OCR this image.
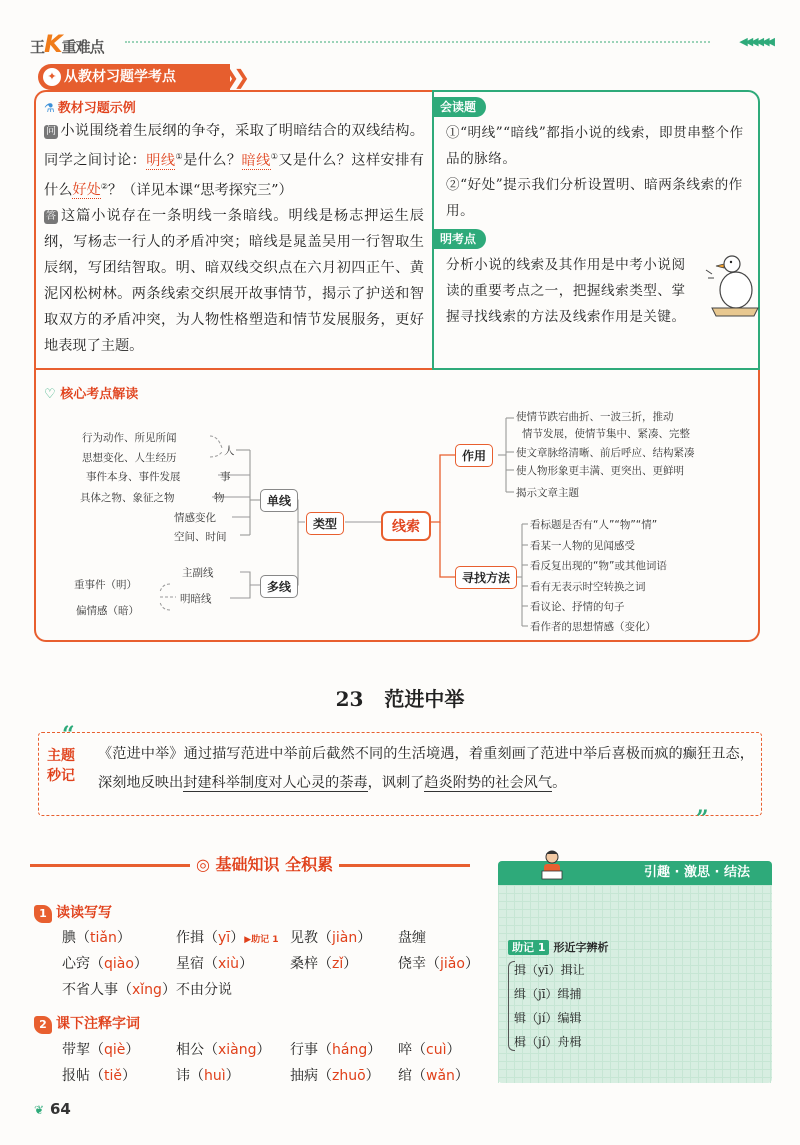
王K重难点	◀◀◀◀◀◀
✦ 从教材习题学考点 ❯❯
⚗ 教材习题示例
问 小说围绕着生辰纲的争夺，采取了明暗结合的双线结构。同学之间讨论：明线①是什么？暗线①又是什么？这样安排有什么好处②？（详见本课“思考探究三”）
答 这篇小说存在一条明线一条暗线。明线是杨志押运生辰纲，写杨志一行人的矛盾冲突；暗线是晁盖吴用一行智取生辰纲，写团结智取。明、暗双线交织点在六月初四正午、黄泥冈松树林。两条线索交织展开故事情节，揭示了护送和智取双方的矛盾冲突，为人物性格塑造和情节发展服务，更好地表现了主题。
会读题
①“明线”“暗线”都指小说的线索，即贯串整个作品的脉络。
②“好处”提示我们分析设置明、暗两条线索的作用。
明考点
分析小说的线索及其作用是中考小说阅读的重要考点之一，把握线索类型、掌握寻找线索的方法及线索作用是关键。
♡ 核心考点解读
线索
类型
单线
多线
行为动作、所见所闻
思想变化、人生经历
人
事件本身、事件发展	事
具体之物、象征之物	物
情感变化
空间、时间
主副线
明暗线
重事件（明）
偏情感（暗）
作用
使情节跌宕曲折、一波三折，推动
情节发展，使情节集中、紧凑、完整
使文章脉络清晰、前后呼应、结构紧凑
使人物形象更丰满、更突出、更鲜明
揭示文章主题
寻找方法
看标题是否有“人”“物”“情”
看某一人物的见闻感受
看反复出现的“物”或其他词语
看有无表示时空转换之词
看议论、抒情的句子
看作者的思想情感（变化）
23 范进中举
“
”
主题
秒记
《范进中举》通过描写范进中举前后截然不同的生活境遇，着重刻画了范进中举后喜极而疯的癫狂丑态，深刻地反映出封建科举制度对人心灵的荼毒，讽刺了趋炎附势的社会风气。
◎ 基础知识 全积累
1 读读写写
腆（tiǎn）	作揖（yī）▶助记 1 见教（jiàn） 盘缠
心窍（qiào） 星宿（xiù）	桑梓（zǐ）	侥幸（jiǎo）
不省人事（xǐng） 不由分说
2 课下注释字词
带挈（qiè）	相公（xiàng） 行事（háng） 啐（cuì）
报帖（tiě）	讳（huì）	抽病（zhuō） 绾（wǎn）
引趣 · 激思 · 结法
助记 1 形近字辨析
揖（yī）揖让
缉（jī）缉捕
辑（jí）编辑
楫（jí）舟楫
❦ 64
